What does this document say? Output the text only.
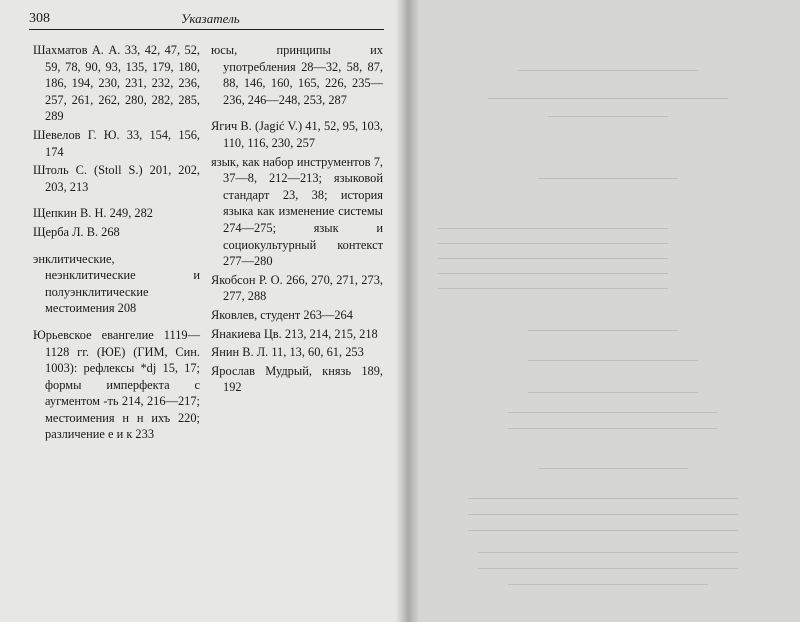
308	Указатель
Шахматов А. А. 33, 42, 47, 52, 59, 78, 90, 93, 135, 179, 180, 186, 194, 230, 231, 232, 236, 257, 261, 262, 280, 282, 285, 289
Шевелов Г. Ю. 33, 154, 156, 174
Штоль С. (Stoll S.) 201, 202, 203, 213
Щепкин В. Н. 249, 282
Щерба Л. В. 268
энклитические, неэнклитические и полуэнклитические местоимения 208
Юрьевское евангелие 1119—1128 гг. (ЮЕ) (ГИМ, Син. 1003): рефлексы *dj 15, 17; формы имперфекта с аугментом -ть 214, 216—217; местоимения н н ихъ 220; различение е и к 233
юсы, принципы их употребления 28—32, 58, 87, 88, 146, 160, 165, 226, 235—236, 246—248, 253, 287
Ягич В. (Jagić V.) 41, 52, 95, 103, 110, 116, 230, 257
язык, как набор инструментов 7, 37—8, 212—213; языковой стандарт 23, 38; история языка как изменение системы 274—275; язык и социокультурный контекст 277—280
Якобсон Р. О. 266, 270, 271, 273, 277, 288
Яковлев, студент 263—264
Янакиева Цв. 213, 214, 215, 218
Янин В. Л. 11, 13, 60, 61, 253
Ярослав Мудрый, князь 189, 192
